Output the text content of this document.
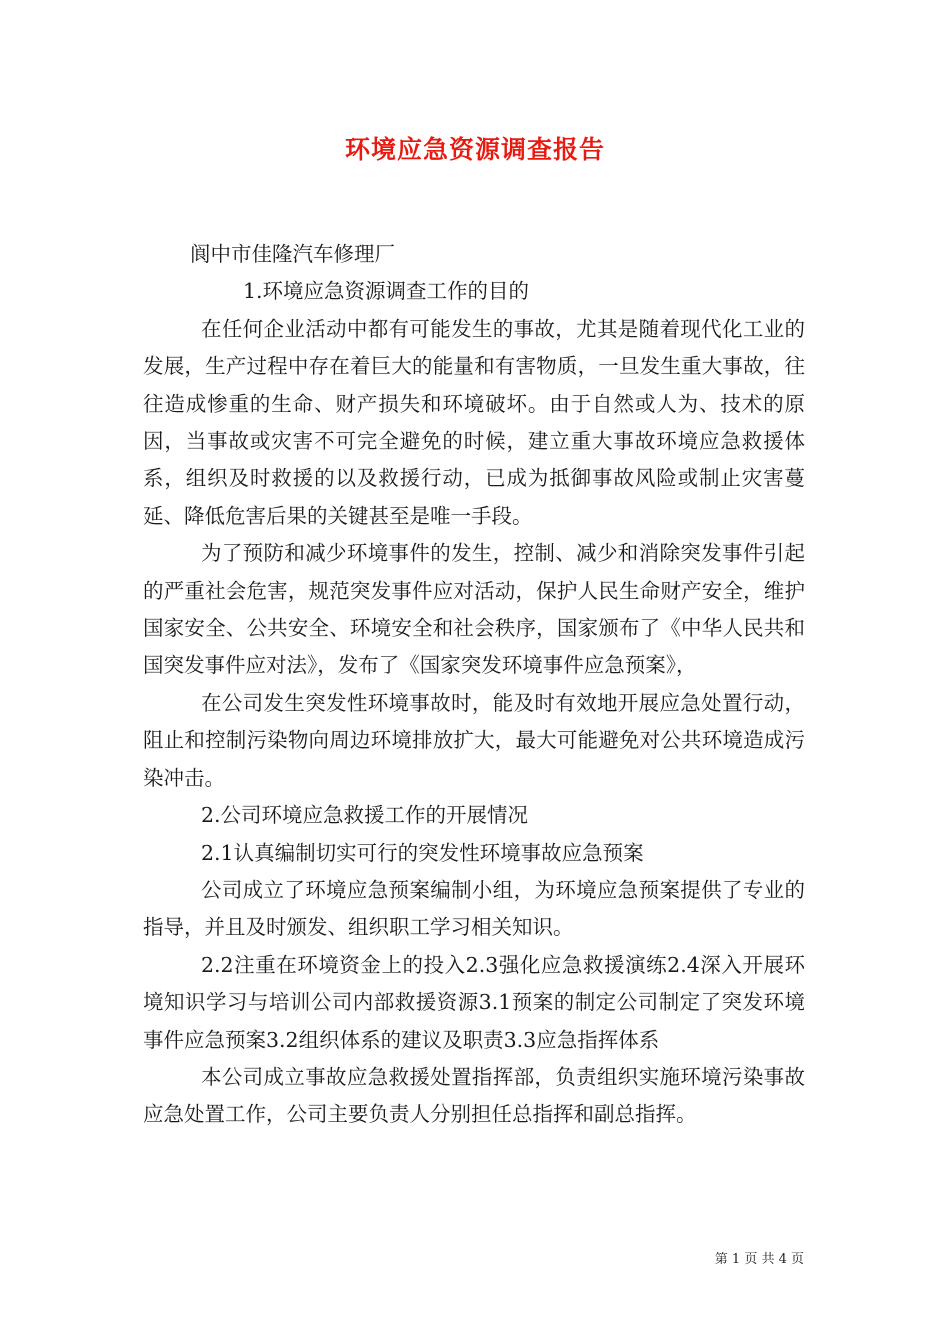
环境应急资源调查报告

阆中市佳隆汽车修理厂

1.环境应急资源调查工作的目的

在任何企业活动中都有可能发生的事故，尤其是随着现代化工业的发展，生产过程中存在着巨大的能量和有害物质，一旦发生重大事故，往往造成惨重的生命、财产损失和环境破坏。由于自然或人为、技术的原因，当事故或灾害不可完全避免的时候，建立重大事故环境应急救援体系，组织及时救援的以及救援行动，已成为抵御事故风险或制止灾害蔓延、降低危害后果的关键甚至是唯一手段。

为了预防和减少环境事件的发生，控制、减少和消除突发事件引起的严重社会危害，规范突发事件应对活动，保护人民生命财产安全，维护国家安全、公共安全、环境安全和社会秩序，国家颁布了《中华人民共和国突发事件应对法》，发布了《国家突发环境事件应急预案》，

在公司发生突发性环境事故时，能及时有效地开展应急处置行动，阻止和控制污染物向周边环境排放扩大，最大可能避免对公共环境造成污染冲击。

2.公司环境应急救援工作的开展情况

2.1认真编制切实可行的突发性环境事故应急预案

公司成立了环境应急预案编制小组，为环境应急预案提供了专业的指导，并且及时颁发、组织职工学习相关知识。

2.2注重在环境资金上的投入2.3强化应急救援演练2.4深入开展环境知识学习与培训公司内部救援资源3.1预案的制定公司制定了突发环境事件应急预案3.2组织体系的建议及职责3.3应急指挥体系

本公司成立事故应急救援处置指挥部，负责组织实施环境污染事故应急处置工作，公司主要负责人分别担任总指挥和副总指挥。

第 1 页 共 4 页
